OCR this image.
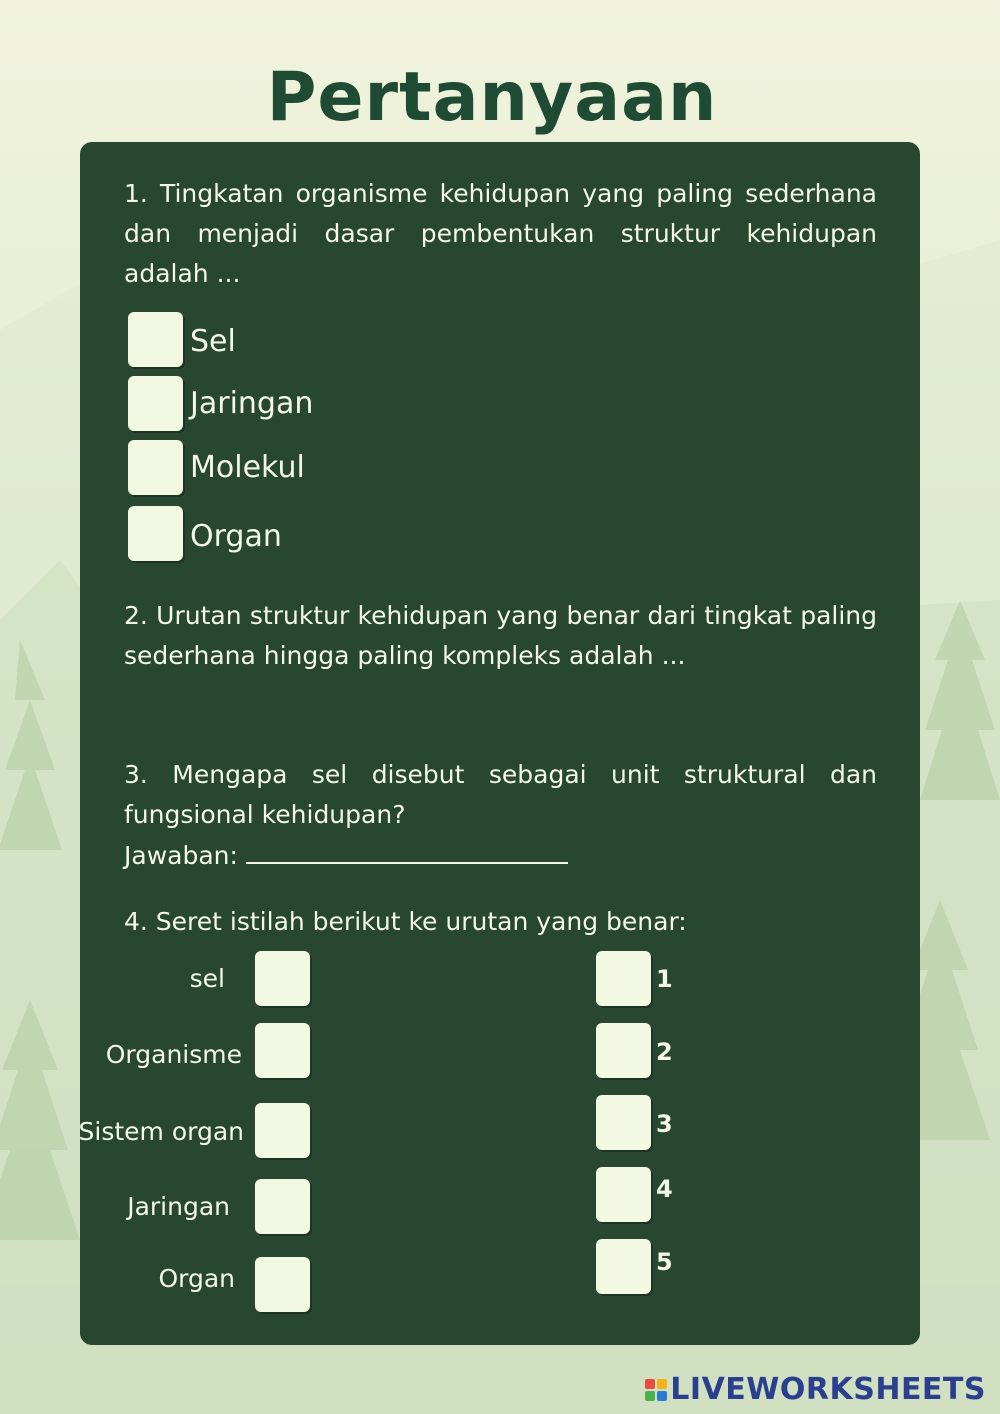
Pertanyaan
1. Tingkatan organisme kehidupan yang paling sederhana dan menjadi dasar pembentukan struktur kehidupan adalah ...
Sel
Jaringan
Molekul
Organ
2. Urutan struktur kehidupan yang benar dari tingkat paling sederhana hingga paling kompleks adalah ...
3. Mengapa sel disebut sebagai unit struktural dan fungsional kehidupan?
Jawaban:
4. Seret istilah berikut ke urutan yang benar:
sel
Organisme
Sistem organ
Jaringan
Organ
1
2
3
4
5
LIVEWORKSHEETS
